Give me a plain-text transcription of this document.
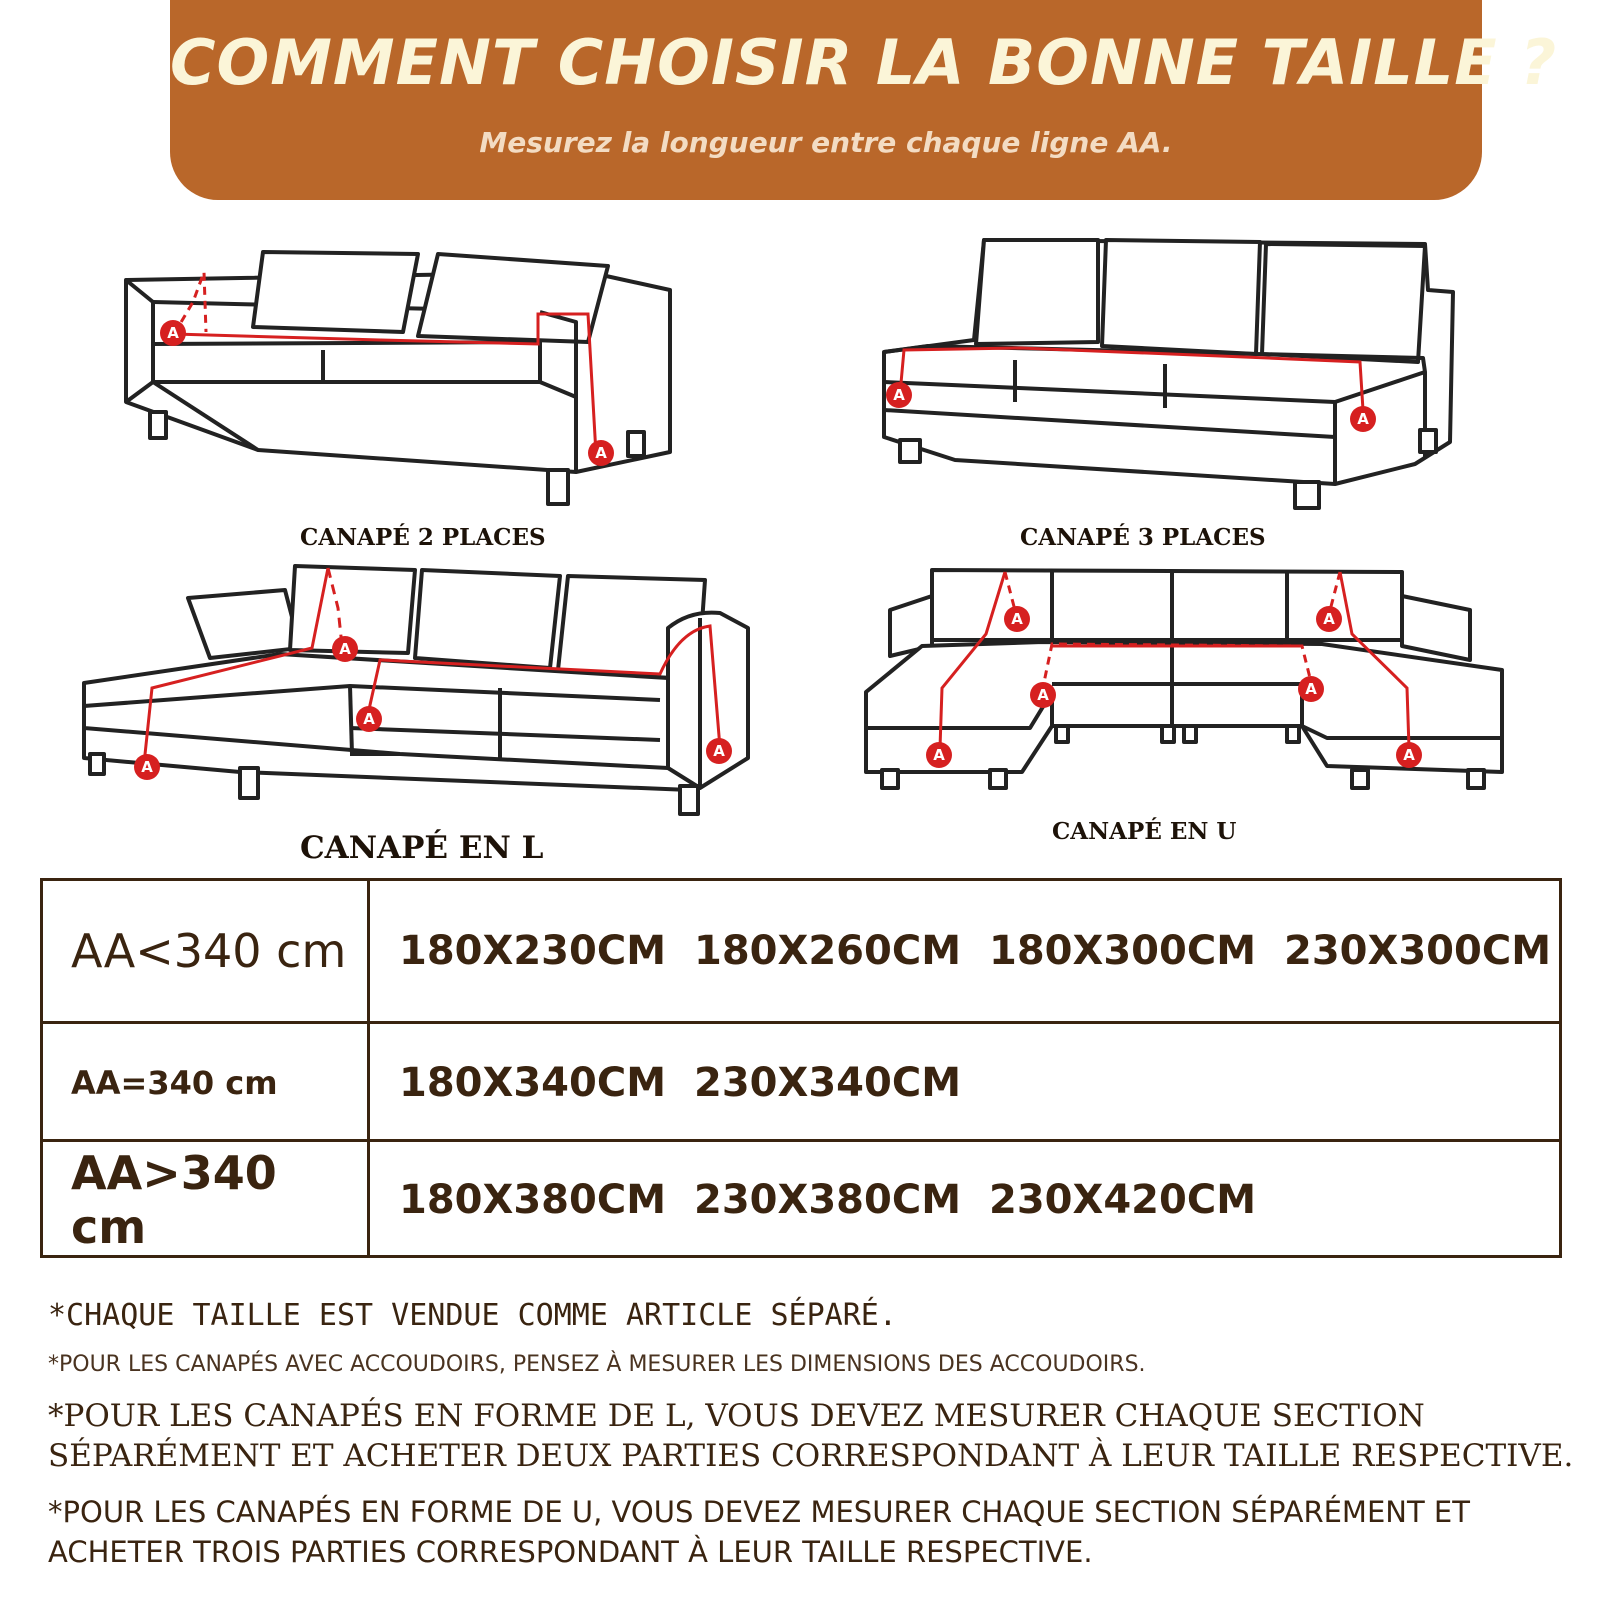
COMMENT CHOISIR LA BONNE TAILLE ?
Mesurez la longueur entre chaque ligne AA.
A
A
CANAPÉ 2 PLACES
A
A
CANAPÉ 3 PLACES
A
A
A
A
CANAPÉ EN L
A	A
A	A
A	A
CANAPÉ EN U
AA<340 cm	180X230CM 180X260CM 180X300CM 230X300CM
AA=340 cm	180X340CM 230X340CM
AA>340 cm	180X380CM 230X380CM 230X420CM
*CHAQUE TAILLE EST VENDUE COMME ARTICLE SÉPARÉ.
*POUR LES CANAPÉS AVEC ACCOUDOIRS, PENSEZ À MESURER LES DIMENSIONS DES ACCOUDOIRS.
*POUR LES CANAPÉS EN FORME DE L, VOUS DEVEZ MESURER CHAQUE SECTION
SÉPARÉMENT ET ACHETER DEUX PARTIES CORRESPONDANT À LEUR TAILLE RESPECTIVE.
*POUR LES CANAPÉS EN FORME DE U, VOUS DEVEZ MESURER CHAQUE SECTION SÉPARÉMENT ET
ACHETER TROIS PARTIES CORRESPONDANT À LEUR TAILLE RESPECTIVE.
